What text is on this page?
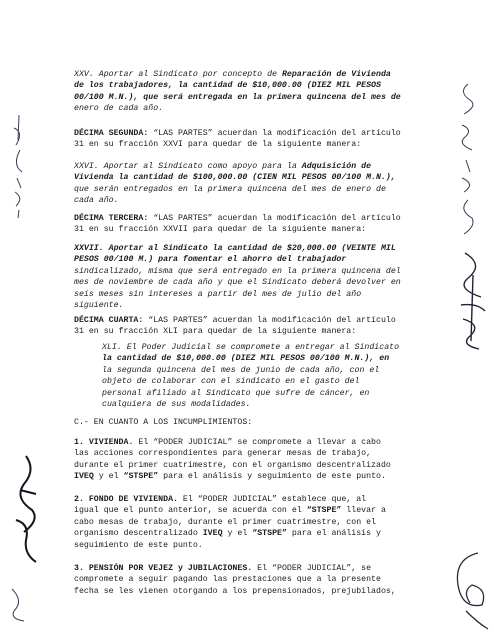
XXV. Aportar al Sindicato por concepto de Reparación de Vivienda
de los trabajadores, la cantidad de $10,000.00 (DIEZ MIL PESOS
00/100 M.N.), que será entregada en la primera quincena del mes de
enero de cada año.

DÉCIMA SEGUNDA: “LAS PARTES” acuerdan la modificación del artículo
31 en su fracción XXVI para quedar de la siguiente manera:

XXVI. Aportar al Sindicato como apoyo para la Adquisición de
Vivienda la cantidad de $100,000.00 (CIEN MIL PESOS 00/100 M.N.),
que serán entregados en la primera quincena del mes de enero de
cada año.

DÉCIMA TERCERA: “LAS PARTES” acuerdan la modificación del artículo
31 en su fracción XXVII para quedar de la siguiente manera:

XXVII. Aportar al Sindicato la cantidad de $20,000.00 (VEINTE MIL
PESOS 00/100 M.) para fomentar el ahorro del trabajador
sindicalizado, misma que será entregado en la primera quincena del
mes de noviembre de cada año y que el Sindicato deberá devolver en
seis meses sin intereses a partir del mes de julio del año
siguiente.

DÉCIMA CUARTA: “LAS PARTES” acuerdan la modificación del artículo
31 en su fracción XLI para quedar de la siguiente manera:

XLI. El Poder Judicial se compromete a entregar al Sindicato
la cantidad de $10,000.00 (DIEZ MIL PESOS 00/100 M.N.), en
la segunda quincena del mes de junio de cada año, con el
objeto de colaborar con el sindicato en el gasto del
personal afiliado al Sindicato que sufre de cáncer, en
cualquiera de sus modalidades.

C.- EN CUANTO A LOS INCUMPLIMIENTOS:

1. VIVIENDA. El “PODER JUDICIAL” se compromete a llevar a cabo
las acciones correspondientes para generar mesas de trabajo,
durante el primer cuatrimestre, con el organismo descentralizado
IVEQ y el “STSPE” para el análisis y seguimiento de este punto.

2. FONDO DE VIVIENDA. El “PODER JUDICIAL” establece que, al
igual que el punto anterior, se acuerda con el “STSPE” llevar a
cabo mesas de trabajo, durante el primer cuatrimestre, con el
organismo descentralizado IVEQ y el “STSPE” para el análisis y
seguimiento de este punto.

3. PENSIÓN POR VEJEZ y JUBILACIONES. El “PODER JUDICIAL”, se
compromete a seguir pagando las prestaciones que a la presente
fecha se les vienen otorgando a los prepensionados, prejubilados,
